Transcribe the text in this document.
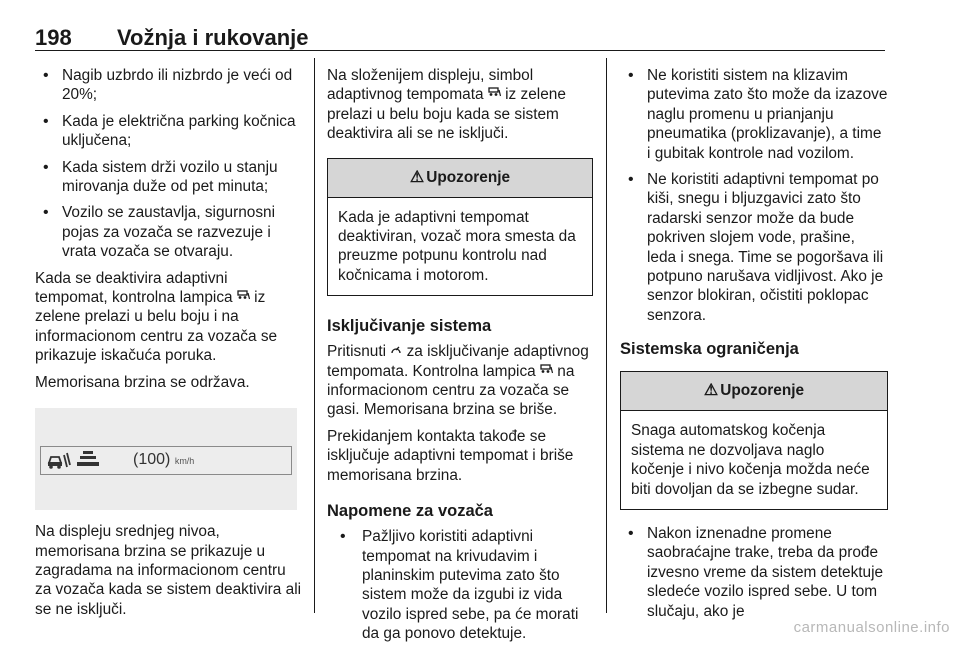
198 Vožnja i rukovanje
• Nagib uzbrdo ili nizbrdo je veći od 20%;
• Kada je električna parking kočnica uključena;
• Kada sistem drži vozilo u stanju mirovanja duže od pet minuta;
• Vozilo se zaustavlja, sigurnosni pojas za vozača se razvezuje i vrata vozača se otvaraju.

Kada se deaktivira adaptivni tempomat, kontrolna lampica  iz zelene prelazi u belu boju i na informacionom centru za vozača se prikazuje iskačuća poruka.

Memorisana brzina se održava.

(100) km/h

Na displeju srednjeg nivoa, memorisana brzina se prikazuje u zagradama na informacionom centru za vozača kada se sistem deaktivira ali se ne isključi.

Na složenijem displeju, simbol adaptivnog tempomata  iz zelene prelazi u belu boju kada se sistem deaktivira ali se ne isključi.

⚠ Upozorenje
Kada je adaptivni tempomat deaktiviran, vozač mora smesta da preuzme potpunu kontrolu nad kočnicama i motorom.
Isključivanje sistema

Pritisnuti  za isključivanje adaptivnog tempomata. Kontrolna lampica  na informacionom centru za vozača se gasi. Memorisana brzina se briše.

Prekidanjem kontakta takođe se isključuje adaptivni tempomat i briše memorisana brzina.

Napomene za vozača
• Pažljivo koristiti adaptivni tempomat na krivudavim i planinskim putevima zato što sistem može da izgubi iz vida vozilo ispred sebe, pa će morati da ga ponovo detektuje.
• Ne koristiti sistem na klizavim putevima zato što može da izazove naglu promenu u prianjanju pneumatika (proklizavanje), a time i gubitak kontrole nad vozilom.
• Ne koristiti adaptivni tempomat po kiši, snegu i bljuzgavici zato što radarski senzor može da bude pokriven slojem vode, prašine, leda i snega. Time se pogoršava ili potpuno narušava vidljivost. Ako je senzor blokiran, očistiti poklopac senzora.
Sistemska ograničenja
⚠ Upozorenje
Snaga automatskog kočenja sistema ne dozvoljava naglo kočenje i nivo kočenja možda neće biti dovoljan da se izbegne sudar.
• Nakon iznenadne promene saobraćajne trake, treba da prođe izvesno vreme da sistem detektuje sledeće vozilo ispred sebe. U tom slučaju, ako je
carmanualsonline.info
